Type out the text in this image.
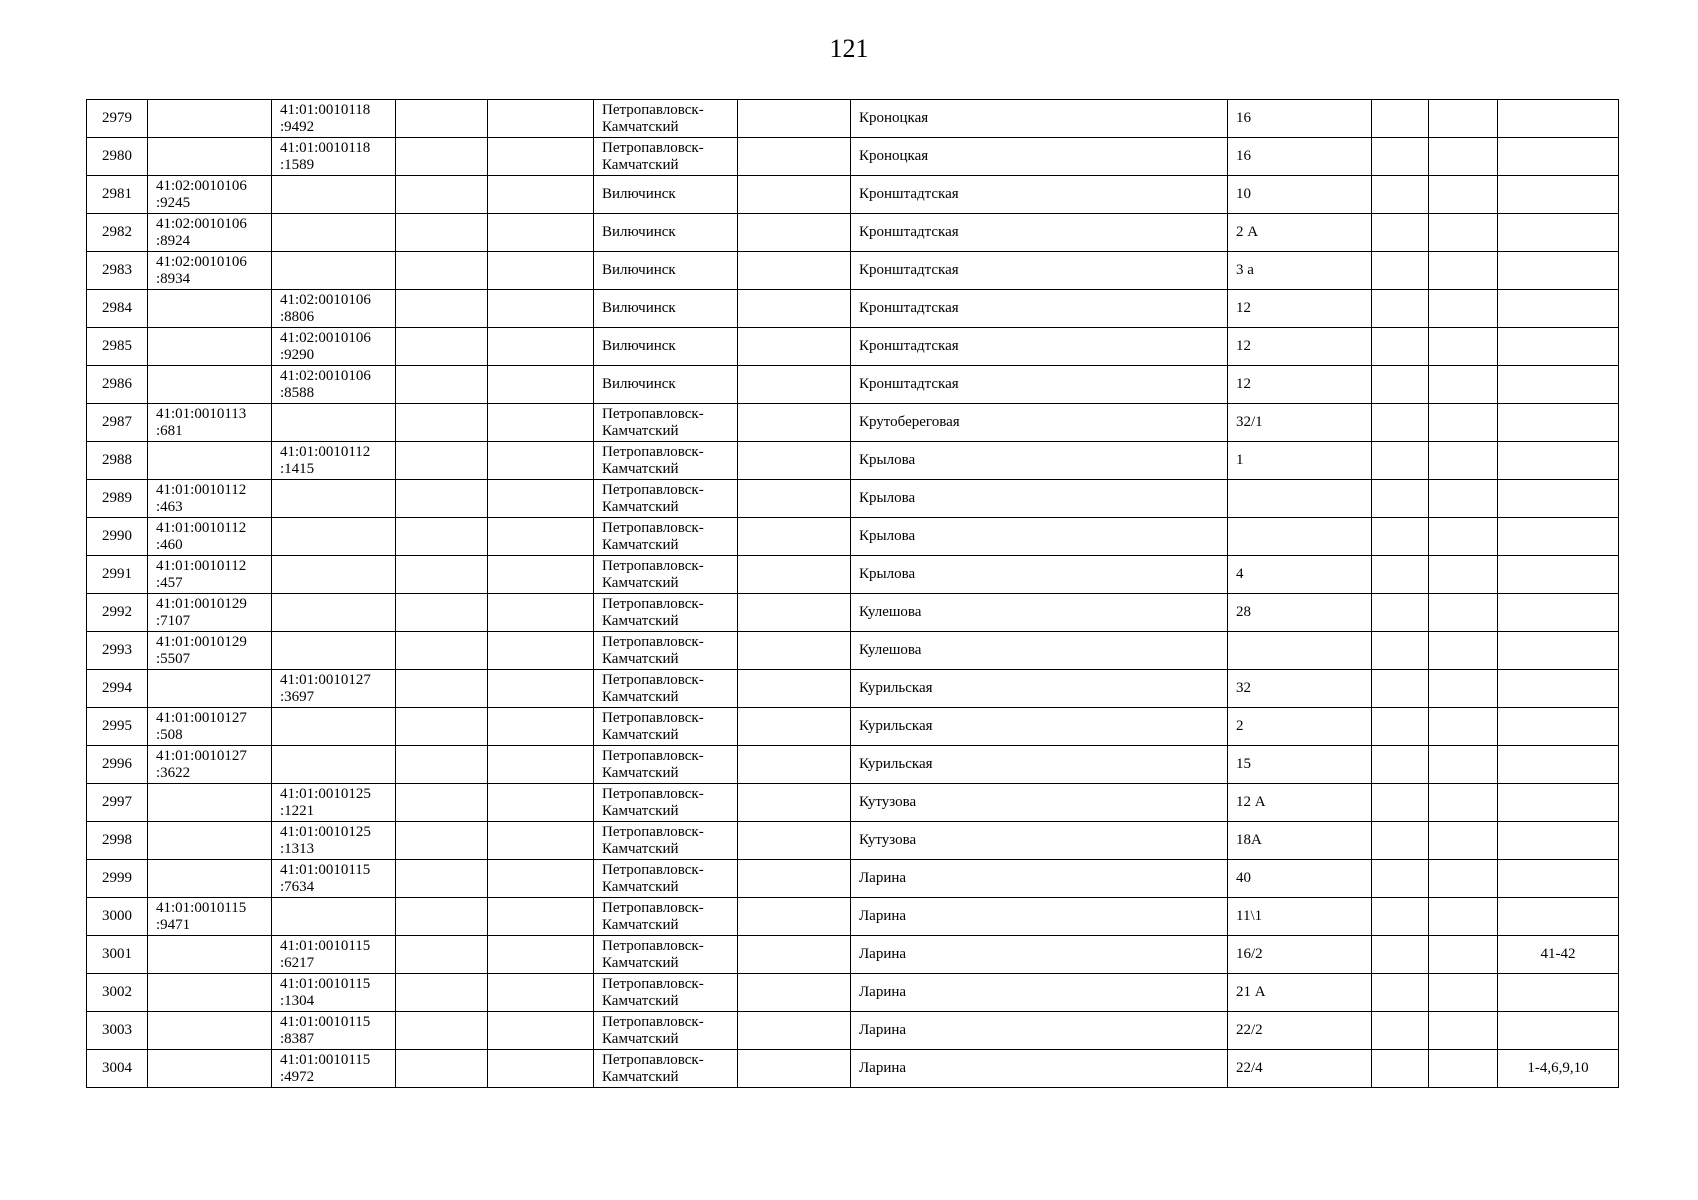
121
2979		41:01:0010118
:9492			Петропавловск-
Камчатский		Кроноцкая	16			
2980		41:01:0010118
:1589			Петропавловск-
Камчатский		Кроноцкая	16			
2981	41:02:0010106
:9245				Вилючинск		Кронштадтская	10			
2982	41:02:0010106
:8924				Вилючинск		Кронштадтская	2 А			
2983	41:02:0010106
:8934				Вилючинск		Кронштадтская	3 а			
2984		41:02:0010106
:8806			Вилючинск		Кронштадтская	12			
2985		41:02:0010106
:9290			Вилючинск		Кронштадтская	12			
2986		41:02:0010106
:8588			Вилючинск		Кронштадтская	12			
2987	41:01:0010113
:681				Петропавловск-
Камчатский		Крутобереговая	32/1			
2988		41:01:0010112
:1415			Петропавловск-
Камчатский		Крылова	1			
2989	41:01:0010112
:463				Петропавловск-
Камчатский		Крылова				
2990	41:01:0010112
:460				Петропавловск-
Камчатский		Крылова				
2991	41:01:0010112
:457				Петропавловск-
Камчатский		Крылова	4			
2992	41:01:0010129
:7107				Петропавловск-
Камчатский		Кулешова	28			
2993	41:01:0010129
:5507				Петропавловск-
Камчатский		Кулешова				
2994		41:01:0010127
:3697			Петропавловск-
Камчатский		Курильская	32			
2995	41:01:0010127
:508				Петропавловск-
Камчатский		Курильская	2			
2996	41:01:0010127
:3622				Петропавловск-
Камчатский		Курильская	15			
2997		41:01:0010125
:1221			Петропавловск-
Камчатский		Кутузова	12 А			
2998		41:01:0010125
:1313			Петропавловск-
Камчатский		Кутузова	18А			
2999		41:01:0010115
:7634			Петропавловск-
Камчатский		Ларина	40			
3000	41:01:0010115
:9471				Петропавловск-
Камчатский		Ларина	11\1			
3001		41:01:0010115
:6217			Петропавловск-
Камчатский		Ларина	16/2			41-42
3002		41:01:0010115
:1304			Петропавловск-
Камчатский		Ларина	21 А			
3003		41:01:0010115
:8387			Петропавловск-
Камчатский		Ларина	22/2			
3004		41:01:0010115
:4972			Петропавловск-
Камчатский		Ларина	22/4			1-4,6,9,10
